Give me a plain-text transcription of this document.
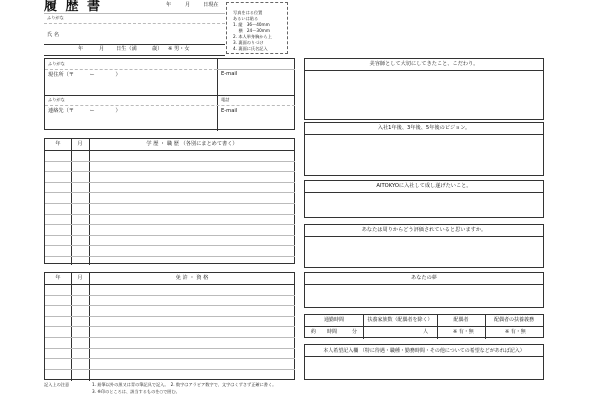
履 歴 書	年	月 日現在
写真をはる位置
あるいは貼る
1. 縦　36〜40mm
　 横　24〜30mm
2. 本人単身胸から上
3. 裏面のりづけ
4. 裏面に氏名記入
ふりがな
氏 名
年	月 日生（満	歳） ※ 男・女
ふりがな
現住所（〒　　　ー　　　　）	E-mail
ふりがな	電話
連絡先（〒　　　ー　　　　）	E-mail
年	月	学 歴 ・ 職 歴 （各別にまとめて書く）
年	月	免 許 ・ 資 格
美容師として大切にしてきたこと、こだわり。
入社1年後、3年後、5年後のビジョン。
AITOKYOに入社して成し遂げたいこと。
あなたは周りからどう評価されていると思いますか。
あなたの夢
通勤時間	扶養家族数（配偶者を除く）	配偶者	配偶者の扶養義務
約 時間	分	人	※ 有・無	※ 有・無
本人希望記入欄 （特に待遇・職種・勤務時間・その他についての希望などがあれば記入）
記入上の注意	1. 鉛筆以外の黒又は青の筆記具で記入。　2. 数字はアラビア数字で、文字はくずさず正確に書く。
3. ※印のところは、該当するものを○で囲む。
